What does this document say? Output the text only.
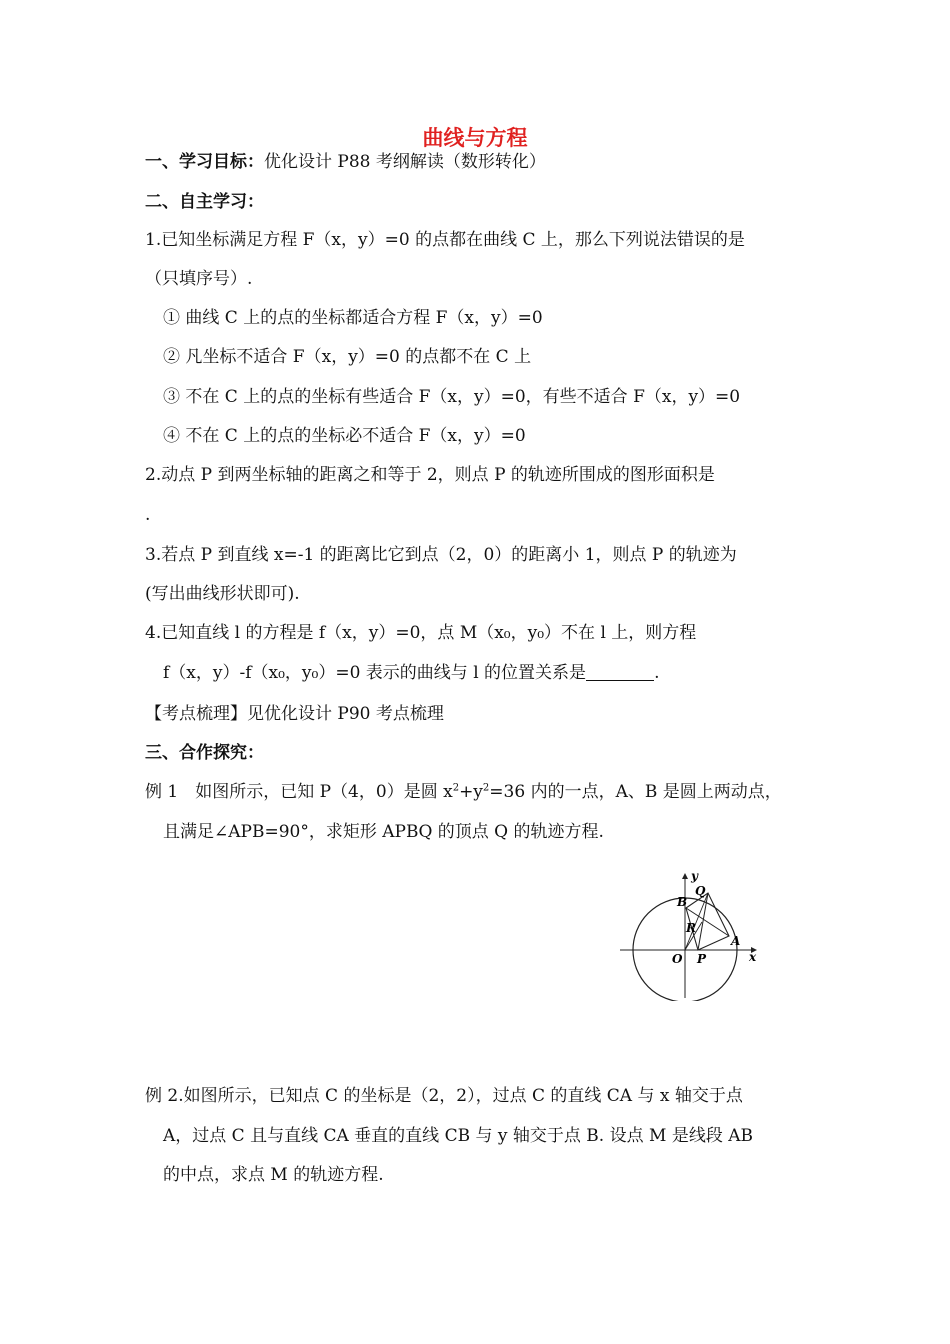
曲线与方程
一、学习目标：优化设计 P88 考纲解读（数形转化）
二、自主学习：
1.已知坐标满足方程 F（x，y）=0 的点都在曲线 C 上，那么下列说法错误的是
（只填序号）.
① 曲线 C 上的点的坐标都适合方程 F（x，y）=0
② 凡坐标不适合 F（x，y）=0 的点都不在 C 上
③ 不在 C 上的点的坐标有些适合 F（x，y）=0，有些不适合 F（x，y）=0
④ 不在 C 上的点的坐标必不适合 F（x，y）=0
2.动点 P 到两坐标轴的距离之和等于 2，则点 P 的轨迹所围成的图形面积是
.
3.若点 P 到直线 x=-1 的距离比它到点（2，0）的距离小 1，则点 P 的轨迹为
(写出曲线形状即可).
4.已知直线 l 的方程是 f（x，y）=0，点 M（x₀，y₀）不在 l 上，则方程
f（x，y）-f（x₀，y₀）=0 表示的曲线与 l 的位置关系是	.
【考点梳理】见优化设计 P90 考点梳理
三、合作探究：
例 1　如图所示，已知 P（4，0）是圆 $x^2+y^2=36$ 内的一点，A、B 是圆上两动点，
且满足∠APB=90°，求矩形 APBQ 的顶点 Q 的轨迹方程.
y
x
O P
A
B
Q
R
例 2.如图所示，已知点 C 的坐标是（2，2），过点 C 的直线 CA 与 x 轴交于点
A，过点 C 且与直线 CA 垂直的直线 CB 与 y 轴交于点 B. 设点 M 是线段 AB
的中点，求点 M 的轨迹方程.
